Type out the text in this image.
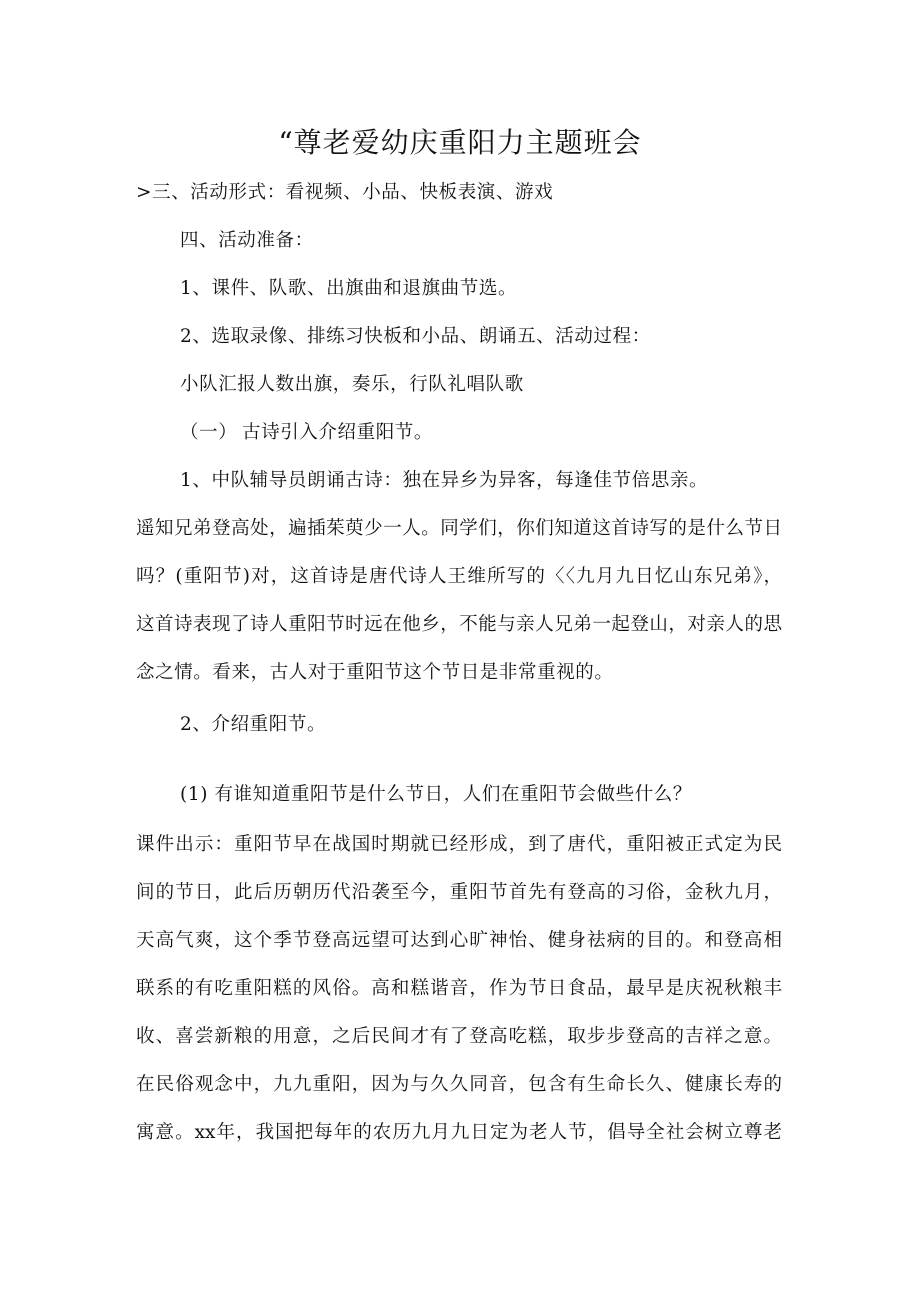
“尊老爱幼庆重阳力主题班会
>三、活动形式：看视频、小品、快板表演、游戏
四、活动准备：
1、课件、队歌、出旗曲和退旗曲节选。
2、选取录像、排练习快板和小品、朗诵五、活动过程：
小队汇报人数出旗，奏乐，行队礼唱队歌
（一） 古诗引入介绍重阳节。
1、中队辅导员朗诵古诗：独在异乡为异客，每逢佳节倍思亲。
遥知兄弟登高处，遍插茱萸少一人。同学们，你们知道这首诗写的是什么节日
吗？(重阳节)对，这首诗是唐代诗人王维所写的〈〈九月九日忆山东兄弟》，
这首诗表现了诗人重阳节时远在他乡，不能与亲人兄弟一起登山，对亲人的思
念之情。看来，古人对于重阳节这个节日是非常重视的。
2、介绍重阳节。
(1) 有谁知道重阳节是什么节日，人们在重阳节会做些什么？
课件出示：重阳节早在战国时期就已经形成，到了唐代，重阳被正式定为民
间的节日，此后历朝历代沿袭至今，重阳节首先有登高的习俗，金秋九月，
天高气爽，这个季节登高远望可达到心旷神怡、健身祛病的目的。和登高相
联系的有吃重阳糕的风俗。高和糕谐音，作为节日食品，最早是庆祝秋粮丰
收、喜尝新粮的用意，之后民间才有了登高吃糕，取步步登高的吉祥之意。
在民俗观念中，九九重阳，因为与久久同音，包含有生命长久、健康长寿的
寓意。xx年，我国把每年的农历九月九日定为老人节，倡导全社会树立尊老
